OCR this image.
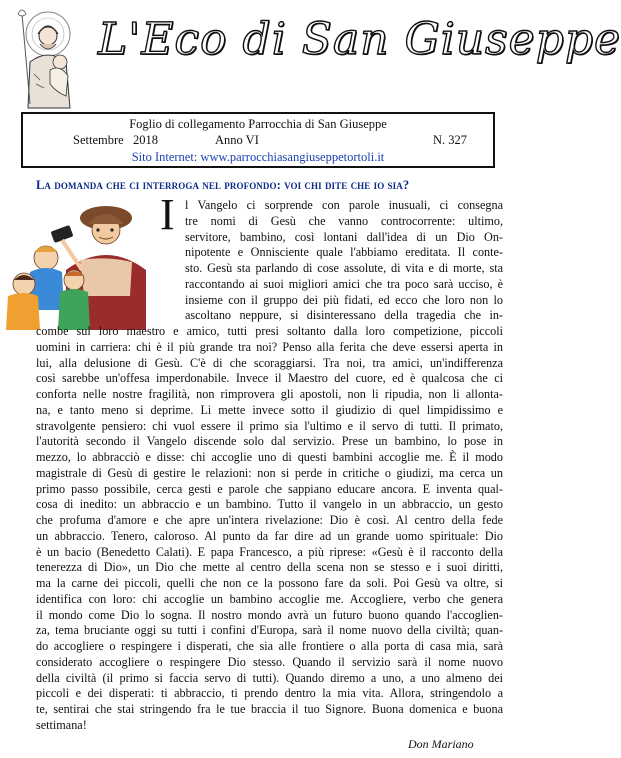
L'Eco di San Giuseppe
Foglio di collegamento Parrocchia di San Giuseppe
Settembre   2018	Anno VI	N. 327
Sito Internet: www.parrocchiasangiuseppetortoli.it
La domanda che ci interroga nel profondo: voi chi dite che io sia?
I l Vangelo ci sorprende con parole inusuali, ci consegna
tre nomi di Gesù che vanno controcorrente: ultimo,
servitore, bambino, così lontani dall'idea di un Dio On-
nipotente e Onnisciente quale l'abbiamo ereditata. Il conte-
sto. Gesù sta parlando di cose assolute, di vita e di morte, sta
raccontando ai suoi migliori amici che tra poco sarà ucciso, è
insieme con il gruppo dei più fidati, ed ecco che loro non lo
ascoltano neppure, si disinteressano della tragedia che in-
combe sul loro maestro e amico, tutti presi soltanto dalla loro competizione, piccoli
uomini in carriera: chi è il più grande tra noi? Penso alla ferita che deve essersi aperta in
lui, alla delusione di Gesù. C'è di che scoraggiarsi. Tra noi, tra amici, un'indifferenza
così sarebbe un'offesa imperdonabile. Invece il Maestro del cuore, ed è qualcosa che ci
conforta nelle nostre fragilità, non rimprovera gli apostoli, non li ripudia, non li allonta-
na, e tanto meno si deprime. Li mette invece sotto il giudizio di quel limpidissimo e
stravolgente pensiero: chi vuol essere il primo sia l'ultimo e il servo di tutti. Il primato,
l'autorità secondo il Vangelo discende solo dal servizio. Prese un bambino, lo pose in
mezzo, lo abbracciò e disse: chi accoglie uno di questi bambini accoglie me. È il modo
magistrale di Gesù di gestire le relazioni: non si perde in critiche o giudizi, ma cerca un
primo passo possibile, cerca gesti e parole che sappiano educare ancora. E inventa qual-
cosa di inedito: un abbraccio e un bambino. Tutto il vangelo in un abbraccio, un gesto
che profuma d'amore e che apre un'intera rivelazione: Dio è così. Al centro della fede
un abbraccio. Tenero, caloroso. Al punto da far dire ad un grande uomo spirituale: Dio
è un bacio (Benedetto Calati). E papa Francesco, a più riprese: «Gesù è il racconto della
tenerezza di Dio», un Dio che mette al centro della scena non se stesso e i suoi diritti,
ma la carne dei piccoli, quelli che non ce la possono fare da soli. Poi Gesù va oltre, si
identifica con loro: chi accoglie un bambino accoglie me. Accogliere, verbo che genera
il mondo come Dio lo sogna. Il nostro mondo avrà un futuro buono quando l'accoglien-
za, tema bruciante oggi su tutti i confini d'Europa, sarà il nome nuovo della civiltà; quan-
do accogliere o respingere i disperati, che sia alle frontiere o alla porta di casa mia, sarà
considerato accogliere o respingere Dio stesso. Quando il servizio sarà il nome nuovo
della civiltà (il primo si faccia servo di tutti). Quando diremo a uno, a uno almeno dei
piccoli e dei disperati: ti abbraccio, ti prendo dentro la mia vita. Allora, stringendolo a
te, sentirai che stai stringendo fra le tue braccia il tuo Signore. Buona domenica e buona
settimana!
Don Mariano
